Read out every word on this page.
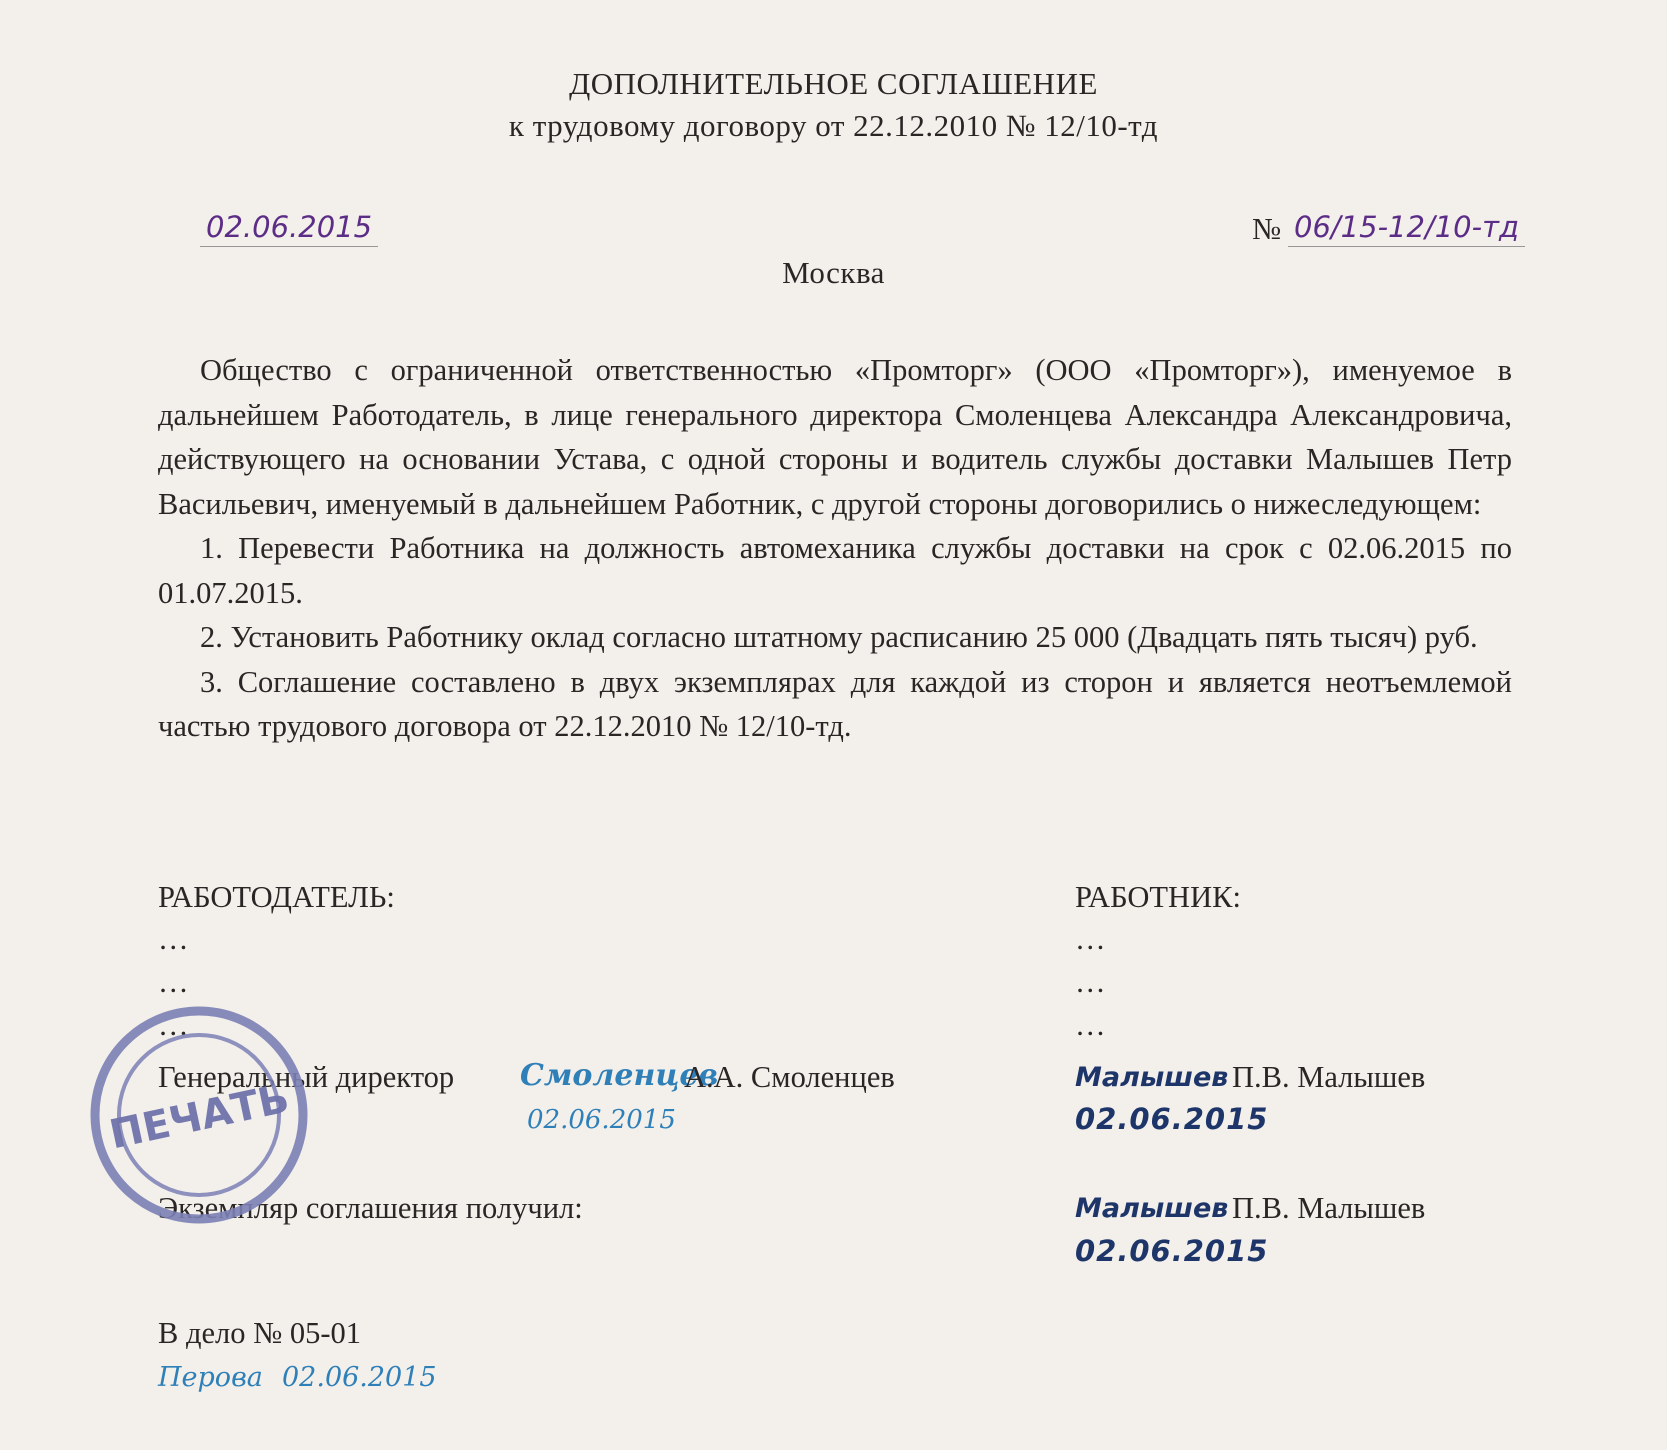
ДОПОЛНИТЕЛЬНОЕ СОГЛАШЕНИЕ
к трудовому договору от 22.12.2010 № 12/10-тд
02.06.2015	№ 06/15-12/10-тд
Москва

Общество с ограниченной ответственностью «Промторг» (ООО «Промторг»), именуемое в дальнейшем Работодатель, в лице генерального директора Смоленцева Александра Александровича, действующего на основании Устава, с одной стороны и водитель службы доставки Малышев Петр Васильевич, именуемый в дальнейшем Работник, с другой стороны договорились о нижеследующем:

1. Перевести Работника на должность автомеханика службы доставки на срок с 02.06.2015 по 01.07.2015.

2. Установить Работнику оклад согласно штатному расписанию 25 000 (Двадцать пять тысяч) руб.

3. Соглашение составлено в двух экземплярах для каждой из сторон и является неотъемлемой частью трудового договора от 22.12.2010 № 12/10-тд.

РАБОТОДАТЕЛЬ:
…
…
…
Генеральный директор Смоленцев
А.А. Смоленцев
02.06.2015
РАБОТНИК:
…
…
…
Малышев П.В. Малышев
02.06.2015
Экземпляр соглашения получил:	Малышев П.В. Малышев
02.06.2015
В дело № 05-01
Перова 02.06.2015
ПЕЧАТЬ
